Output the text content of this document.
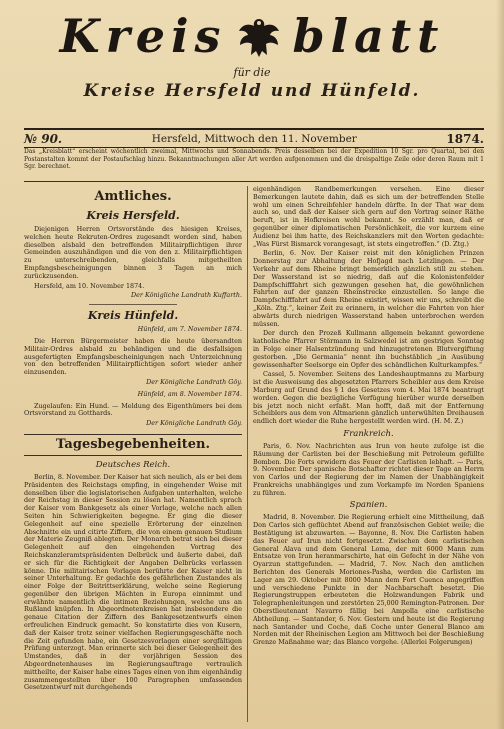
Kreis blatt
für die
Kreise Hersfeld und Hünfeld.
№ 90.	Hersfeld, Mittwoch den 11. November	1874.
Das „Kreisblatt“ erscheint wöchentlich zweimal, Mittwochs und Sonnabends. Preis desselben bei der Expedition 10 Sgr. pro Quartal, bei den Postanstalten kommt der Postaufschlag hinzu. Bekanntmachungen aller Art werden aufgenommen und die dreispaltige Zeile oder deren Raum mit 1 Sgr. berechnet.
Amtliches.
Kreis Hersfeld.

Diejenigen Herren Ortsvorstände des hiesigen Kreises, welchen heute Rekruten-Ordres zugesandt worden sind, haben dieselben alsbald den betreffenden Militairpflichtigen ihrer Gemeinden auszuhändigen und die von den z. Militairpflichtigen zu unterschreibenden, gleichfalls mitgetheilten Empfangsbescheinigungen binnen 3 Tagen an mich zurückzusenden.

Hersfeld, am 10. November 1874.

Der Königliche Landrath Kuffarth.

Kreis Hünfeld.

Hünfeld, am 7. November 1874.

Die Herren Bürgermeister haben die heute übersandten Militair-Ordres alsbald zu behändigen und die desfallsigen ausgefertigten Empfangsbescheinigungen nach Unterzeichnung von den betreffenden Militairpflichtigen sofort wieder anher einzusenden.

Der Königliche Landrath Göy.

Hünfeld, am 8. November 1874.

Zugelaufen: Ein Hund. — Meldung des Eigenthümers bei dem Ortsvorstand zu Gotthards.

Der Königliche Landrath Göy.

Tagesbegebenheiten.
Deutsches Reich.

Berlin, 8. November. Der Kaiser hat sich neulich, als er bei dem Präsidenten des Reichstags empfing, in eingehender Weise mit denselben über die legislatorischen Aufgaben unterhalten, welche der Reichstag in dieser Session zu lösen hat. Namentlich sprach der Kaiser vom Bankgesetz als einer Vorlage, welche nach allen Seiten hin Schwierigkeiten begegne. Er ging die dieser Gelegenheit auf eine spezielle Erörterung der einzelnen Abschnitte ein und citirte Ziffern, die von einem genauen Studium der Materie Zeugniß ablegten. Der Monarch betrat sich bei dieser Gelegenheit auf den eingehenden Vortrag des Reichskanzleramtspräsidenten Delbrück und äußerte dabei, daß er sich für die Richtigkeit der Angaben Delbrücks verlassen könne. Die militairischen Vorlagen berührte der Kaiser nicht in seiner Unterhaltung. Er gedachte des gefährlichen Zustandes als einer Folge der Beitrittserklärung, welche seine Regierung gegenüber den übrigen Mächten in Europa einnimmt und erwähnte namentlich die intimen Beziehungen, welche uns an Rußland knüpfen. In Abgeordnetenkreisen hat insbesondere die genaue Citation der Ziffern des Bankgesetzentwurfs einen erfreulichen Eindruck gemacht. So konstatirte dies von Kusern, daß der Kaiser trotz seiner vielfachen Regierungsgeschäfte noch die Zeit gefunden habe, ein Gesetzesvorlagen einer sorgfältigen Prüfung unterzogt. Man erinnerte sich bei dieser Gelegenheit des Umstandes, daß in der vorjährigen Session des Abgeordnetenhauses im Regierungsauftrage vertraulich mittheilte, der Kaiser habe eines Tages einen von ihm eigenhändig zusammengestellten über 100 Paragraphen umfassenden Gesetzentwurf mit durchgehends

eigenhändigen Randbemerkungen versehen. Eine dieser Bemerkungen lautete dahin, daß es sich um der betreffenden Stelle wohl um einen Schreibfehler handeln dürfte. In der That war dem auch so, und daß der Kaiser sich gern auf den Vortrag seiner Räthe beruft, ist in Hofkreisen wohl bekannt. So erzählt man, daß er gegenüber einer diplomatischen Persönlichkeit, die vor kurzem eine Audienz bei ihm hatte, des Reichskanzlers mit den Worten gedachte: „Was Fürst Bismarck vorangesagt, ist stets eingetroffen.“ (D. Ztg.)

Berlin, 6. Nov. Der Kaiser reist mit den königlichen Prinzen Donnerstag zur Abhaltung der Hofjagd nach Letzlingen. — Der Verkehr auf dem Rheine bringt bemerklich gänzlich still zu stehen. Der Wasserstand ist so niedrig, daß auf die Kolonistenfelder Dampfschifffahrt sich gezwungen gesehen hat, die gewöhnlichen Fahrten auf der ganzen Rheinstrecke einzustellen. So lange die Dampfschifffahrt auf dem Rheine existirt, wissen wir uns, schreibt die „Köln. Ztg.“, keiner Zeit zu erinnern, in welcher die Fahrten von hier abwärts durch niedrigen Wasserstand haben unterbrochen werden müssen.

Der durch den Prozeß Kullmann allgemein bekannt gewordene katholische Pfarrer Störmann in Salzwedel ist am gestrigen Sonntag in Folge einer Halsentzündung und hinzugetretenen Blutvergiftung gestorben. „Die Germania“ nennt ihn buchstäblich „in Ausübung gewissenhafter Seelsorge ein Opfer des schändlichen Kulturkampfes.“

Cassel, 5. November. Seitens des Landeshauptmanns zu Marburg ist die Ausweisung des abgesetzten Pfarrers Scheibler aus dem Kreise Marburg auf Grund des § 1 des Gesetzes vom 4. Mai 1874 beantragt worden. Gegen die bezügliche Verfügung hierüber wurde derselben bis jetzt noch nicht erfaßt. Man hofft, daß mit der Entfernung Scheiblers aus dem von Altmarienn gänzlich unterwühlten Dreihausen endlich dort wieder die Ruhe hergestellt werden wird. (H. M. Z.)

Frankreich.

Paris, 6. Nov. Nachrichten aus Irun von heute zufolge ist die Räumung der Carlisten bei der Beschießung mit Petroleum gefüllte Bomben. Die Forts erwidern das Feuer der Carlisten lebhaft. — Paris, 9. November. Der spanische Botschafter richtet dieser Tage an Herrn von Carlos und der Regierung der im Namen der Unabhängigkeit Frankreichs unabhängiges und zum Vorkampfe im Norden Spaniens zu führen.

Spanien.

Madrid, 8. November. Die Regierung erhielt eine Mittheilung, daß Don Carlos sich geflüchtet Abend auf französischen Gebiet weile; die Bestätigung ist abzuwarten. — Bayonne, 8. Nov. Die Carlisten haben das Feuer auf Irun nicht fortgesetzt. Zwischen dem carlistischen General Alava und dem General Loma, der mit 6000 Mann zum Entsatze von Irun heranmarschirte, hat ein Gefecht in der Nähe von Oyarzun stattgefunden. — Madrid, 7. Nov. Nach den amtlichen Berichten des Generals Moriones-Pasha, werden die Carlisten im Lager am 29. Oktober mit 8000 Mann dem Fort Cuenca angegriffen und verschiedene Punkte in der Nachbarschaft besetzt. Die Regierungstruppen erbeuteten die Holzwandungen Fabrik und Telegraphenleitungen und zerstörten 25,000 Remington-Patronen. Der Oberstlieutenant Navarro fällig bei Ampolla eine carlistische Abtheilung. — Santander, 6. Nov. Gestern und heute ist die Regierung nach Santander und Coche, daß Coche unter General Blanco am Norden mit der Rheinischen Legion am Mittwoch bei der Beschießung Grenze Maßnahme war; das Blanco vorgehe. (Allerlei Folgerungen)
